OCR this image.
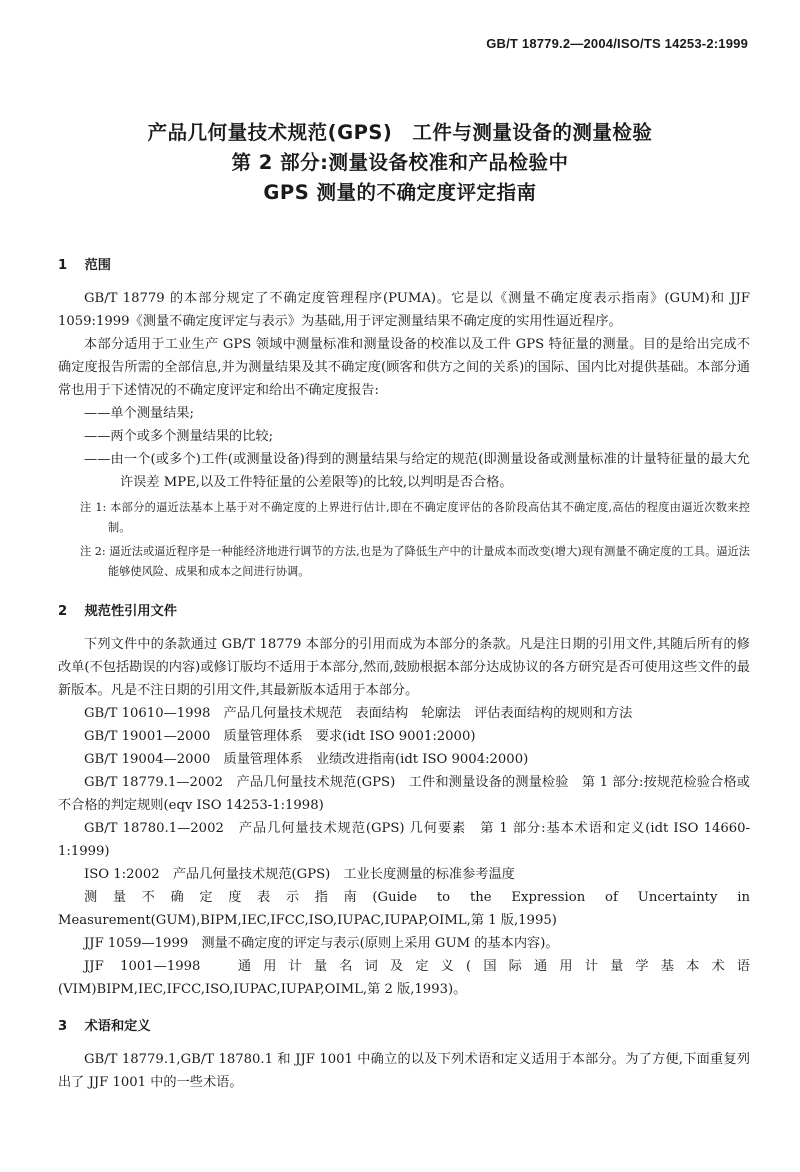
GB/T 18779.2—2004/ISO/TS 14253-2:1999
产品几何量技术规范(GPS)　工件与测量设备的测量检验
第 2 部分:测量设备校准和产品检验中
GPS 测量的不确定度评定指南
1 范围

GB/T 18779 的本部分规定了不确定度管理程序(PUMA)。它是以《测量不确定度表示指南》(GUM)和 JJF 1059:1999《测量不确定度评定与表示》为基础,用于评定测量结果不确定度的实用性逼近程序。

本部分适用于工业生产 GPS 领域中测量标准和测量设备的校准以及工件 GPS 特征量的测量。目的是给出完成不确定度报告所需的全部信息,并为测量结果及其不确定度(顾客和供方之间的关系)的国际、国内比对提供基础。本部分通常也用于下述情况的不确定度评定和给出不确定度报告:

——单个测量结果;

——两个或多个测量结果的比较;

——由一个(或多个)工件(或测量设备)得到的测量结果与给定的规范(即测量设备或测量标准的计量特征量的最大允许误差 MPE,以及工件特征量的公差限等)的比较,以判明是否合格。

注 1: 本部分的逼近法基本上基于对不确定度的上界进行估计,即在不确定度评估的各阶段高估其不确定度,高估的程度由逼近次数来控制。

注 2: 逼近法或逼近程序是一种能经济地进行调节的方法,也是为了降低生产中的计量成本而改变(增大)现有测量不确定度的工具。逼近法能够使风险、成果和成本之间进行协调。

2 规范性引用文件

下列文件中的条款通过 GB/T 18779 本部分的引用而成为本部分的条款。凡是注日期的引用文件,其随后所有的修改单(不包括勘误的内容)或修订版均不适用于本部分,然而,鼓励根据本部分达成协议的各方研究是否可使用这些文件的最新版本。凡是不注日期的引用文件,其最新版本适用于本部分。

GB/T 10610—1998　产品几何量技术规范　表面结构　轮廓法　评估表面结构的规则和方法

GB/T 19001—2000　质量管理体系　要求(idt ISO 9001:2000)

GB/T 19004—2000　质量管理体系　业绩改进指南(idt ISO 9004:2000)

GB/T 18779.1—2002　产品几何量技术规范(GPS)　工件和测量设备的测量检验　第 1 部分:按规范检验合格或不合格的判定规则(eqv ISO 14253-1:1998)

GB/T 18780.1—2002　产品几何量技术规范(GPS) 几何要素　第 1 部分:基本术语和定义(idt ISO 14660-1:1999)

ISO 1:2002　产品几何量技术规范(GPS)　工业长度测量的标准参考温度

测量不确定度表示指南(Guide to the Expression of Uncertainty in Measurement(GUM),BIPM,IEC,IFCC,ISO,IUPAC,IUPAP,OIML,第 1 版,1995)

JJF 1059—1999　测量不确定度的评定与表示(原则上采用 GUM 的基本内容)。

JJF 1001—1998　通用计量名词及定义(国际通用计量学基本术语(VIM)BIPM,IEC,IFCC,ISO,IUPAC,IUPAP,OIML,第 2 版,1993)。

3 术语和定义

GB/T 18779.1,GB/T 18780.1 和 JJF 1001 中确立的以及下列术语和定义适用于本部分。为了方便,下面重复列出了 JJF 1001 中的一些术语。
